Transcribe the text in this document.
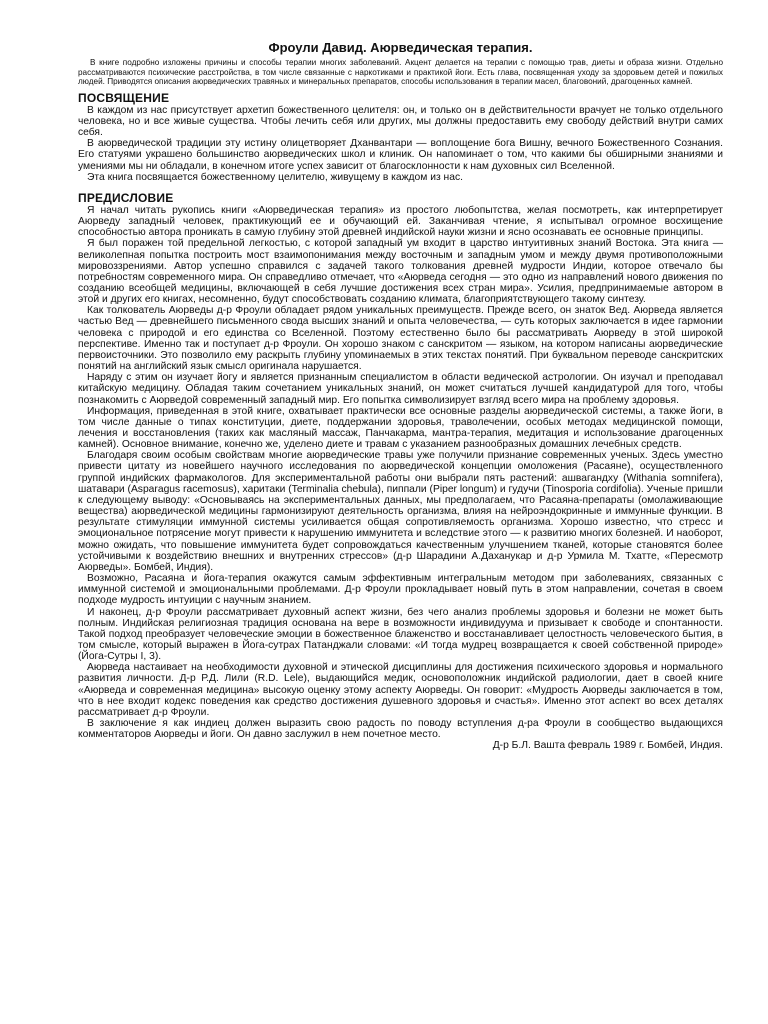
Фроули Давид. Аюрведическая терапия.
В книге подробно изложены причины и способы терапии многих заболеваний. Акцент делается на терапии с помощью трав, диеты и образа жизни. Отдельно рассматриваются психические расстройства, в том числе связанные с наркотиками и практикой йоги. Есть глава, посвященная уходу за здоровьем детей и пожилых людей. Приводятся описания аюрведических травяных и минеральных препаратов, способы использования в терапии масел, благовоний, драгоценных камней.
ПОСВЯЩЕНИЕ
В каждом из нас присутствует архетип божественного целителя: он, и только он в действительности врачует не только отдельного человека, но и все живые существа. Чтобы лечить себя или других, мы должны предоставить ему свободу действий внутри самих себя.
В аюрведической традиции эту истину олицетворяет Дханвантари — воплощение бога Вишну, вечного Божественного Сознания. Его статуями украшено большинство аюрведических школ и клиник. Он напоминает о том, что какими бы обширными знаниями и умениями мы ни обладали, в конечном итоге успех зависит от благосклонности к нам духовных сил Вселенной.
Эта книга посвящается божественному целителю, живущему в каждом из нас.
ПРЕДИСЛОВИЕ
Я начал читать рукопись книги «Аюрведическая терапия» из простого любопытства, желая посмотреть, как интерпретирует Аюрведу западный человек, практикующий ее и обучающий ей. Заканчивая чтение, я испытывал огромное восхищение способностью автора проникать в самую глубину этой древней индийской науки жизни и ясно осознавать ее основные принципы.
Я был поражен той предельной легкостью, с которой западный ум входит в царство интуитивных знаний Востока. Эта книга — великолепная попытка построить мост взаимопонимания между восточным и западным умом и между двумя противоположными мировоззрениями. Автор успешно справился с задачей такого толкования древней мудрости Индии, которое отвечало бы потребностям современного мира. Он справедливо отмечает, что «Аюрведа сегодня — это одно из направлений нового движения по созданию всеобщей медицины, включающей в себя лучшие достижения всех стран мира». Усилия, предпринимаемые автором в этой и других его книгах, несомненно, будут способствовать созданию климата, благоприятствующего такому синтезу.
Как толкователь Аюрведы д-р Фроули обладает рядом уникальных преимуществ. Прежде всего, он знаток Вед. Аюрведа является частью Вед — древнейшего письменного свода высших знаний и опыта человечества, — суть которых заключается в идее гармонии человека с природой и его единства со Вселенной. Поэтому естественно было бы рассматривать Аюрведу в этой широкой перспективе. Именно так и поступает д-р Фроули. Он хорошо знаком с санскритом — языком, на котором написаны аюрведические первоисточники. Это позволило ему раскрыть глубину упоминаемых в этих текстах понятий. При буквальном переводе санскритских понятий на английский язык смысл оригинала нарушается.
Наряду с этим он изучает йогу и является признанным специалистом в области ведической астрологии. Он изучал и преподавал китайскую медицину. Обладая таким сочетанием уникальных знаний, он может считаться лучшей кандидатурой для того, чтобы познакомить с Аюрведой современный западный мир. Его попытка символизирует взгляд всего мира на проблему здоровья.
Информация, приведенная в этой книге, охватывает практически все основные разделы аюрведической системы, а также йоги, в том числе данные о типах конституции, диете, поддержании здоровья, траволечении, особых методах медицинской помощи, лечения и восстановления (таких как масляный массаж, Панчакарма, мантра-терапия, медитация и использование драгоценных камней). Основное внимание, конечно же, уделено диете и травам с указанием разнообразных домашних лечебных средств.
Благодаря своим особым свойствам многие аюрведические травы уже получили признание современных ученых. Здесь уместно привести цитату из новейшего научного исследования по аюрведической концепции омоложения (Расаяне), осуществленного группой индийских фармакологов. Для экспериментальной работы они выбрали пять растений: ашвагандху (Withania somnifera), шатавари (Asparagus racemosus), харитаки (Terminalia chebula), пиппали (Piper longum) и гудучи (Tinosporia cordifolia). Ученые пришли к следующему выводу: «Основываясь на экспериментальных данных, мы предполагаем, что Расаяна-препараты (омолаживающие вещества) аюрведической медицины гармонизируют деятельность организма, влияя на нейроэндокринные и иммунные функции. В результате стимуляции иммунной системы усиливается общая сопротивляемость организма. Хорошо известно, что стресс и эмоциональное потрясение могут привести к нарушению иммунитета и вследствие этого — к развитию многих болезней. И наоборот, можно ожидать, что повышение иммунитета будет сопровождаться качественным улучшением тканей, которые становятся более устойчивыми к воздействию внешних и внутренних стрессов» (д-р Шарадини А.Даханукар и д-р Урмила М. Тхатте, «Пересмотр Аюрведы». Бомбей, Индия).
Возможно, Расаяна и йога-терапия окажутся самым эффективным интегральным методом при заболеваниях, связанных с иммунной системой и эмоциональными проблемами. Д-р Фроули прокладывает новый путь в этом направлении, сочетая в своем подходе мудрость интуиции с научным знанием.
И наконец, д-р Фроули рассматривает духовный аспект жизни, без чего анализ проблемы здоровья и болезни не может быть полным. Индийская религиозная традиция основана на вере в возможности индивидуума и призывает к свободе и спонтанности. Такой подход преобразует человеческие эмоции в божественное блаженство и восстанавливает целостность человеческого бытия, в том смысле, который выражен в Йога-сутрах Патанджали словами: «И тогда мудрец возвращается к своей собственной природе» (Йога-Сутры I, 3).
Аюрведа настаивает на необходимости духовной и этической дисциплины для достижения психического здоровья и нормального развития личности. Д-р Р.Д. Лили (R.D. Lele), выдающийся медик, основоположник индийской радиологии, дает в своей книге «Аюрведа и современная медицина» высокую оценку этому аспекту Аюрведы. Он говорит: «Мудрость Аюрведы заключается в том, что в нее входит кодекс поведения как средство достижения душевного здоровья и счастья». Именно этот аспект во всех деталях рассматривает д-р Фроули.
В заключение я как индиец должен выразить свою радость по поводу вступления д-ра Фроули в сообщество выдающихся комментаторов Аюрведы и йоги. Он давно заслужил в нем почетное место.
Д-р Б.Л. Ваштa февраль 1989 г. Бомбей, Индия.
